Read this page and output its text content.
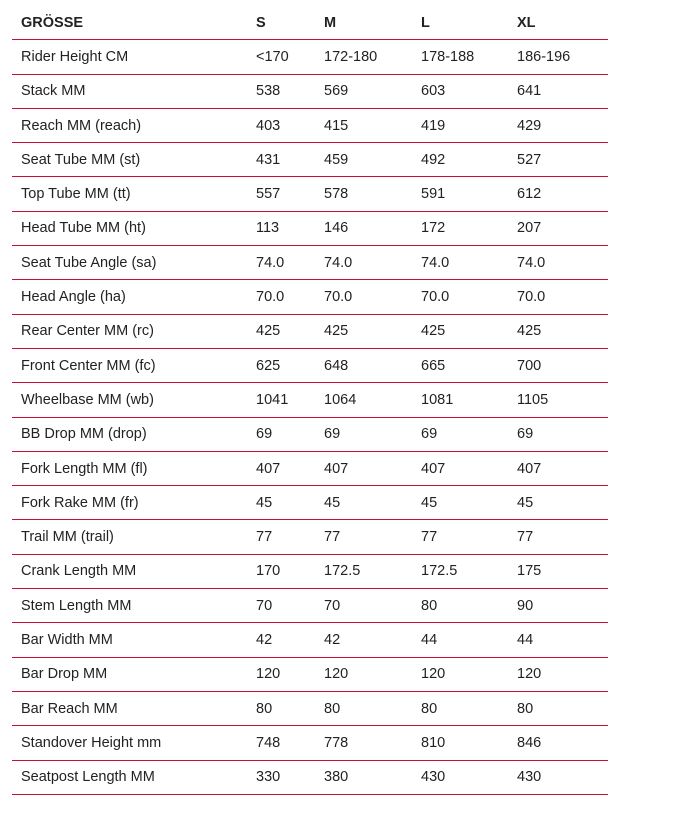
GRÖSSE	S	M	L	XL
Rider Height CM	<170	172-180	178-188	186-196
Stack MM	538	569	603	641
Reach MM (reach)	403	415	419	429
Seat Tube MM (st)	431	459	492	527
Top Tube MM (tt)	557	578	591	612
Head Tube MM (ht)	113	146	172	207
Seat Tube Angle (sa)	74.0	74.0	74.0	74.0
Head Angle (ha)	70.0	70.0	70.0	70.0
Rear Center MM (rc)	425	425	425	425
Front Center MM (fc)	625	648	665	700
Wheelbase MM (wb)	1041	1064	1081	1105
BB Drop MM (drop)	69	69	69	69
Fork Length MM (fl)	407	407	407	407
Fork Rake MM (fr)	45	45	45	45
Trail MM (trail)	77	77	77	77
Crank Length MM	170	172.5	172.5	175
Stem Length MM	70	70	80	90
Bar Width MM	42	42	44	44
Bar Drop MM	120	120	120	120
Bar Reach MM	80	80	80	80
Standover Height mm	748	778	810	846
Seatpost Length MM	330	380	430	430
